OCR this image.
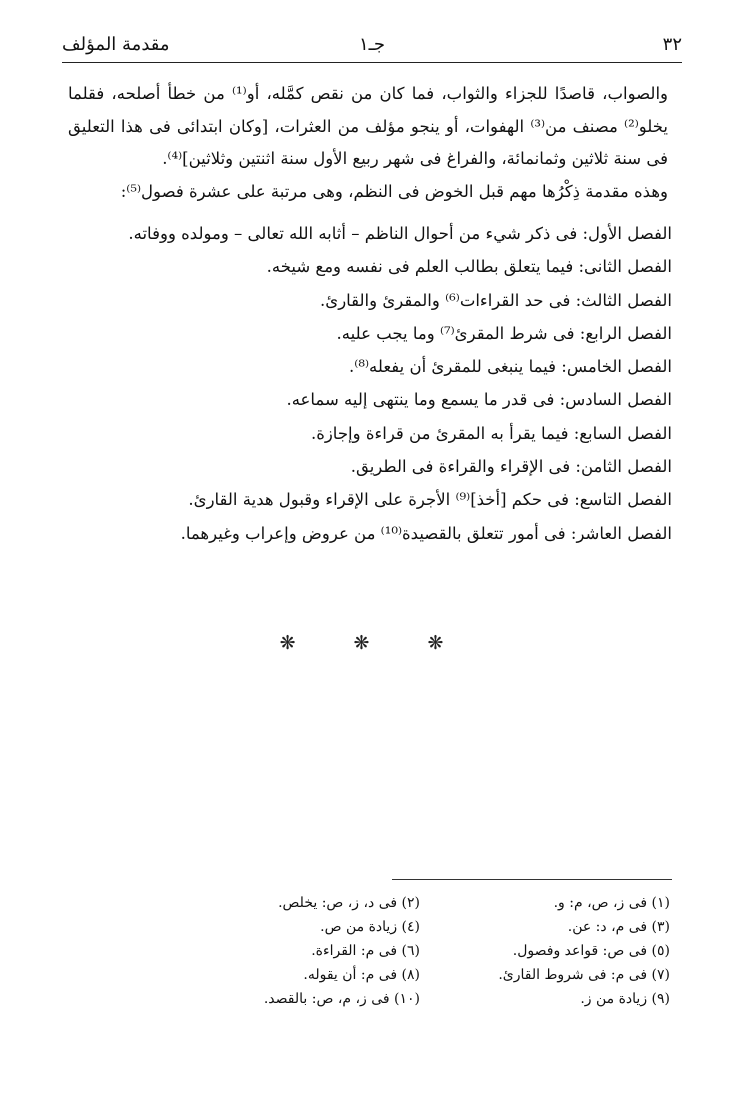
٣٢
جـ١
مقدمة المؤلف

والصواب، قاصدًا للجزاء والثواب، فما كان من نقص كمَّله، أو⁽¹⁾ من خطأ أصلحه، فقلما يخلو⁽²⁾ مصنف من⁽³⁾ الهفوات، أو ينجو مؤلف من العثرات، [وكان ابتدائى فى هذا التعليق فى سنة ثلاثين وثمانمائة، والفراغ فى شهر ربيع الأول سنة اثنتين وثلاثين]⁽⁴⁾.

وهذه مقدمة ذِكْرُها مهم قبل الخوض فى النظم، وهى مرتبة على عشرة فصول⁽⁵⁾:

الفصل الأول: فى ذكر شيء من أحوال الناظم – أثابه الله تعالى – ومولده ووفاته.

الفصل الثانى: فيما يتعلق بطالب العلم فى نفسه ومع شيخه.

الفصل الثالث: فى حد القراءات⁽⁶⁾ والمقرئ والقارئ.

الفصل الرابع: فى شرط المقرئ⁽⁷⁾ وما يجب عليه.

الفصل الخامس: فيما ينبغى للمقرئ أن يفعله⁽⁸⁾.

الفصل السادس: فى قدر ما يسمع وما ينتهى إليه سماعه.

الفصل السابع: فيما يقرأ به المقرئ من قراءة وإجازة.

الفصل الثامن: فى الإقراء والقراءة فى الطريق.

الفصل التاسع: فى حكم [أخذ]⁽⁹⁾ الأجرة على الإقراء وقبول هدية القارئ.

الفصل العاشر: فى أمور تتعلق بالقصيدة⁽¹⁰⁾ من عروض وإعراب وغيرهما.

❋ ❋ ❋
(١) فى ز، ص، م: و.
(٢) فى د، ز، ص: يخلص.
(٣) فى م، د: عن.
(٤) زيادة من ص.
(٥) فى ص: قواعد وفصول.
(٦) فى م: القراءة.
(٧) فى م: فى شروط القارئ.
(٨) فى م: أن يقوله.
(٩) زيادة من ز.
(١٠) فى ز، م، ص: بالقصد.
